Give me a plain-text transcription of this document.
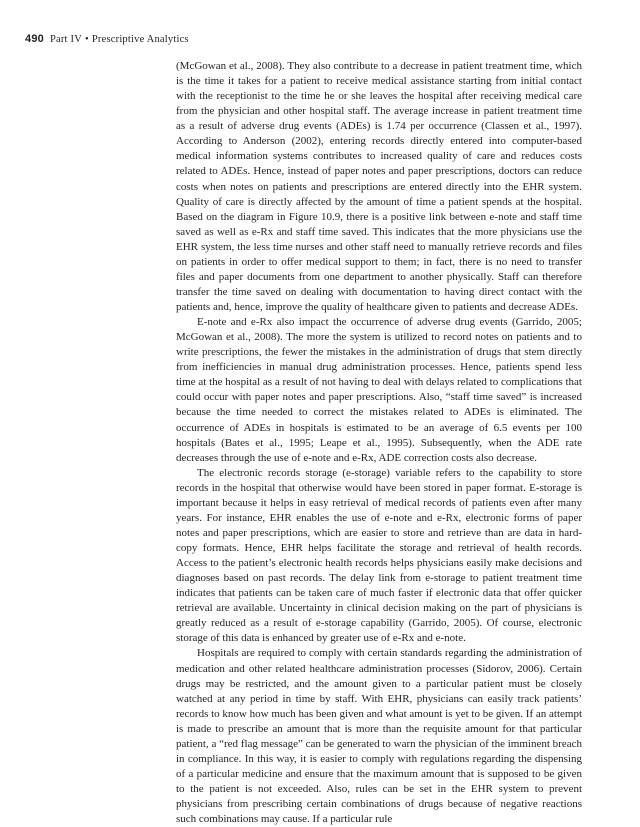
490 Part IV • Prescriptive Analytics

(McGowan et al., 2008). They also contribute to a decrease in patient treatment time, which is the time it takes for a patient to receive medical assistance starting from initial contact with the receptionist to the time he or she leaves the hospital after receiving medical care from the physician and other hospital staff. The average increase in patient treatment time as a result of adverse drug events (ADEs) is 1.74 per occurrence (Classen et al., 1997). According to Anderson (2002), entering records directly entered into computer-based medical information systems contributes to increased quality of care and reduces costs related to ADEs. Hence, instead of paper notes and paper prescriptions, doctors can reduce costs when notes on patients and prescriptions are entered directly into the EHR system. Quality of care is directly affected by the amount of time a patient spends at the hospital. Based on the diagram in Figure 10.9, there is a positive link between e-note and staff time saved as well as e-Rx and staff time saved. This indicates that the more physicians use the EHR system, the less time nurses and other staff need to manually retrieve records and files on patients in order to offer medical support to them; in fact, there is no need to transfer files and paper documents from one department to another physically. Staff can therefore transfer the time saved on dealing with documentation to having direct contact with the patients and, hence, improve the quality of healthcare given to patients and decrease ADEs.

E-note and e-Rx also impact the occurrence of adverse drug events (Garrido, 2005; McGowan et al., 2008). The more the system is utilized to record notes on patients and to write prescriptions, the fewer the mistakes in the administration of drugs that stem directly from inefficiencies in manual drug administration processes. Hence, patients spend less time at the hospital as a result of not having to deal with delays related to complications that could occur with paper notes and paper prescriptions. Also, “staff time saved” is increased because the time needed to correct the mistakes related to ADEs is eliminated. The occurrence of ADEs in hospitals is estimated to be an average of 6.5 events per 100 hospitals (Bates et al., 1995; Leape et al., 1995). Subsequently, when the ADE rate decreases through the use of e-note and e-Rx, ADE correction costs also decrease.

The electronic records storage (e-storage) variable refers to the capability to store records in the hospital that otherwise would have been stored in paper format. E-storage is important because it helps in easy retrieval of medical records of patients even after many years. For instance, EHR enables the use of e-note and e-Rx, electronic forms of paper notes and paper prescriptions, which are easier to store and retrieve than are data in hard-copy formats. Hence, EHR helps facilitate the storage and retrieval of health records. Access to the patient’s electronic health records helps physicians easily make decisions and diagnoses based on past records. The delay link from e-storage to patient treatment time indicates that patients can be taken care of much faster if electronic data that offer quicker retrieval are available. Uncertainty in clinical decision making on the part of physicians is greatly reduced as a result of e-storage capability (Garrido, 2005). Of course, electronic storage of this data is enhanced by greater use of e-Rx and e-note.

Hospitals are required to comply with certain standards regarding the administration of medication and other related healthcare administration processes (Sidorov, 2006). Certain drugs may be restricted, and the amount given to a particular patient must be closely watched at any period in time by staff. With EHR, physicians can easily track patients’ records to know how much has been given and what amount is yet to be given. If an attempt is made to prescribe an amount that is more than the requisite amount for that particular patient, a “red flag message” can be generated to warn the physician of the imminent breach in compliance. In this way, it is easier to comply with regulations regarding the dispensing of a particular medicine and ensure that the maximum amount that is supposed to be given to the patient is not exceeded. Also, rules can be set in the EHR system to prevent physicians from prescribing certain combinations of drugs because of negative reactions such combinations may cause. If a particular rule
